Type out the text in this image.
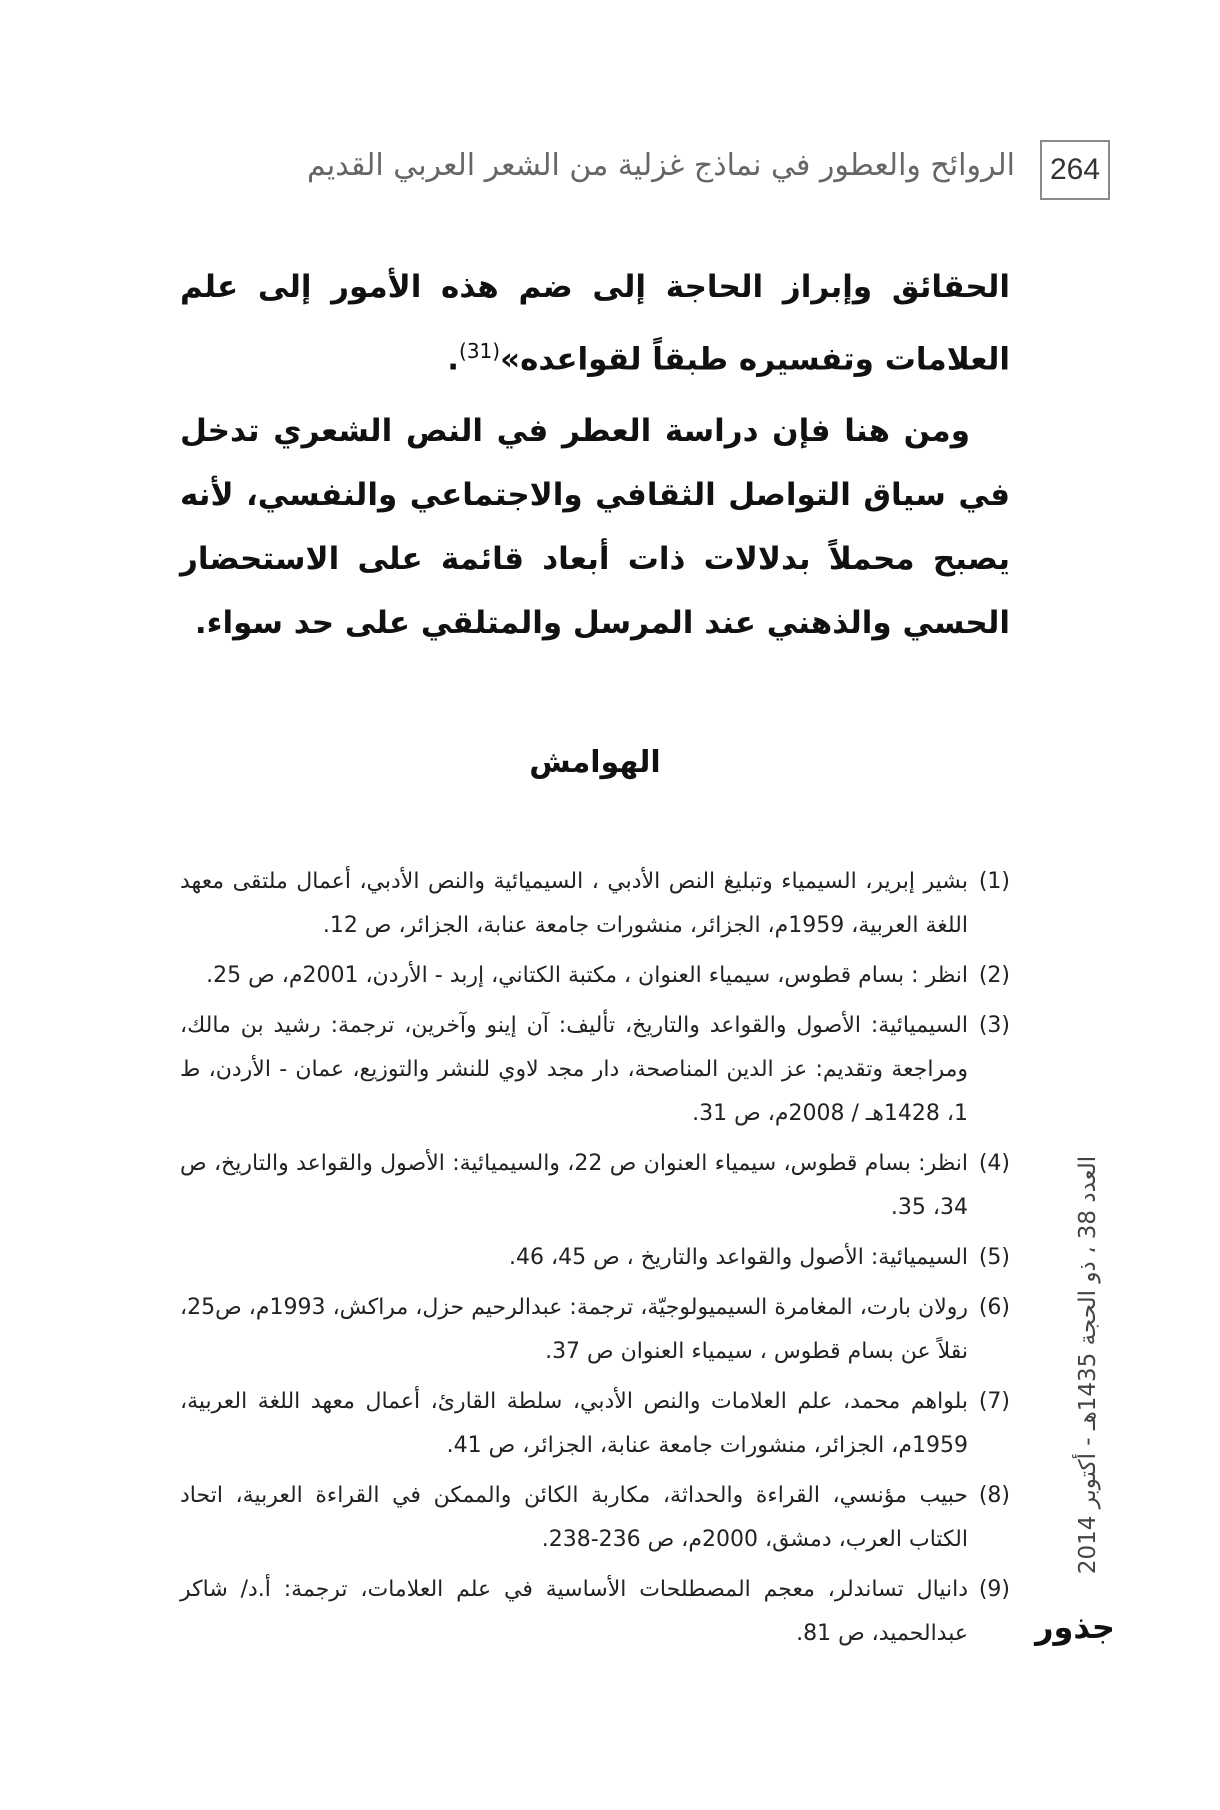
264
الروائح والعطور في نماذج غزلية من الشعر العربي القديم

الحقائق وإبراز الحاجة إلى ضم هذه الأمور إلى علم العلامات وتفسيره طبقاً لقواعده»$^{(31)}$.

ومن هنا فإن دراسة العطر في النص الشعري تدخل في سياق التواصل الثقافي والاجتماعي والنفسي، لأنه يصبح محملاً بدلالات ذات أبعاد قائمة على الاستحضار الحسي والذهني عند المرسل والمتلقي على حد سواء.

الهوامش
(1)
بشير إبرير، السيمياء وتبليغ النص الأدبي ، السيميائية والنص الأدبي، أعمال ملتقى معهد اللغة العربية، 1959م، الجزائر، منشورات جامعة عنابة، الجزائر، ص 12.
(2)
انظر : بسام قطوس، سيمياء العنوان ، مكتبة الكتاني، إربد - الأردن، 2001م، ص 25.
(3)
السيميائية: الأصول والقواعد والتاريخ، تأليف: آن إينو وآخرين، ترجمة: رشيد بن مالك، ومراجعة وتقديم: عز الدين المناصحة، دار مجد لاوي للنشر والتوزيع، عمان - الأردن، ط 1، 1428هـ / 2008م، ص 31.
(4)
انظر: بسام قطوس، سيمياء العنوان ص 22، والسيميائية: الأصول والقواعد والتاريخ، ص 34، 35.
(5)
السيميائية: الأصول والقواعد والتاريخ ، ص 45، 46.
(6)
رولان بارت، المغامرة السيميولوجيّة، ترجمة: عبدالرحيم حزل، مراكش، 1993م، ص25، نقلاً عن بسام قطوس ، سيمياء العنوان ص 37.
(7)
بلواهم محمد، علم العلامات والنص الأدبي، سلطة القارئ، أعمال معهد اللغة العربية، 1959م، الجزائر، منشورات جامعة عنابة، الجزائر، ص 41.
(8)
حبيب مؤنسي، القراءة والحداثة، مكاربة الكائن والممكن في القراءة العربية، اتحاد الكتاب العرب، دمشق، 2000م، ص 236-238.
(9)
دانيال تساندلر، معجم المصطلحات الأساسية في علم العلامات، ترجمة: أ.د/ شاكر عبدالحميد، ص 81.
العدد 38 ، ذو الحجة 1435هـ - أكتوبر 2014
جذور
